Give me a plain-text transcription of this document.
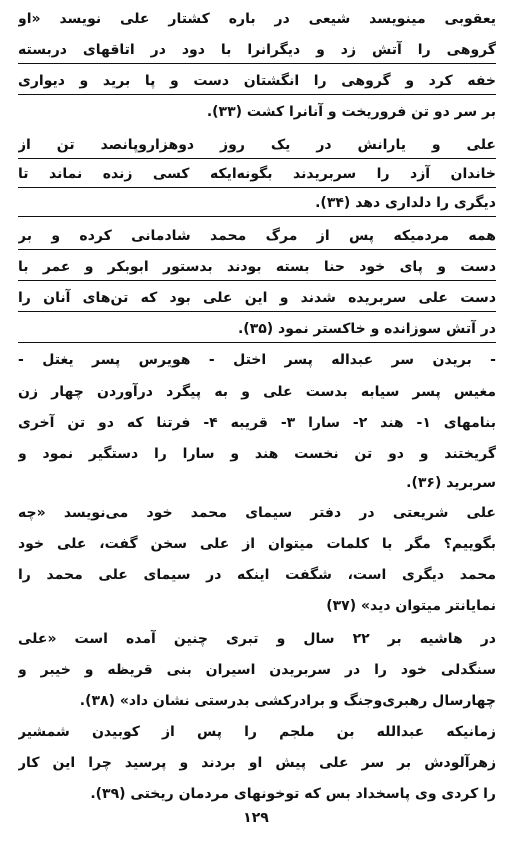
یعقوبی مینویسد شیعی در باره کشتار علی نویسد «او
گروهی را آتش زد و دیگرانرا با دود در اتاقهای دربسته
خفه کرد و گروهی را انگشتان دست و پا برید و دیواری
بر سر دو تن فروریخت و آنانرا کشت (۳۳).
علی و یارانش در یک روز دوهزاروپانصد تن از
خاندان آزد را سربریدند بگونه‌ایکه کسی زنده نماند تا
دیگری را دلداری دهد (۳۴).
همه مردمیکه پس از مرگ محمد شادمانی کرده و بر
دست و پای خود حنا بسته بودند بدستور ابوبکر و عمر با
دست علی سربریده شدند و این علی بود که تن‌های آنان را
در آتش سوزانده و خاکستر نمود (۳۵).
- بریدن سر عبداله پسر اختل - هویرس پسر یغتل -
مغیس پسر سیابه بدست علی و به پیگرد درآوردن چهار زن
بنامهای ۱- هند ۲- سارا ۳- قریبه ۴- فرتنا که دو تن آخری
گریختند و دو تن نخست هند و سارا را دستگیر نمود و
سربرید (۳۶).
علی شریعتی در دفتر سیمای محمد خود می‌نویسد «چه
بگوییم؟ مگر با کلمات میتوان از علی سخن گفت، علی خود
محمد دیگری است، شگفت اینکه در سیمای علی محمد را
نمایانتر میتوان دید» (۳۷)
در هاشیه بر ۲۲ سال و تبری چنین آمده است «علی
سنگدلی خود را در سربریدن اسیران بنی قریظه و خیبر و
چهارسال رهبری‌وجنگ و برادرکشی بدرستی نشان داد» (۳۸).
زمانیکه عبدالله بن ملجم را پس از کوبیدن شمشیر
زهرآلودش بر سر علی پیش او بردند و پرسید چرا این کار
را کردی وی پاسخداد بس که توخونهای مردمان ریختی (۳۹).
۱۲۹
